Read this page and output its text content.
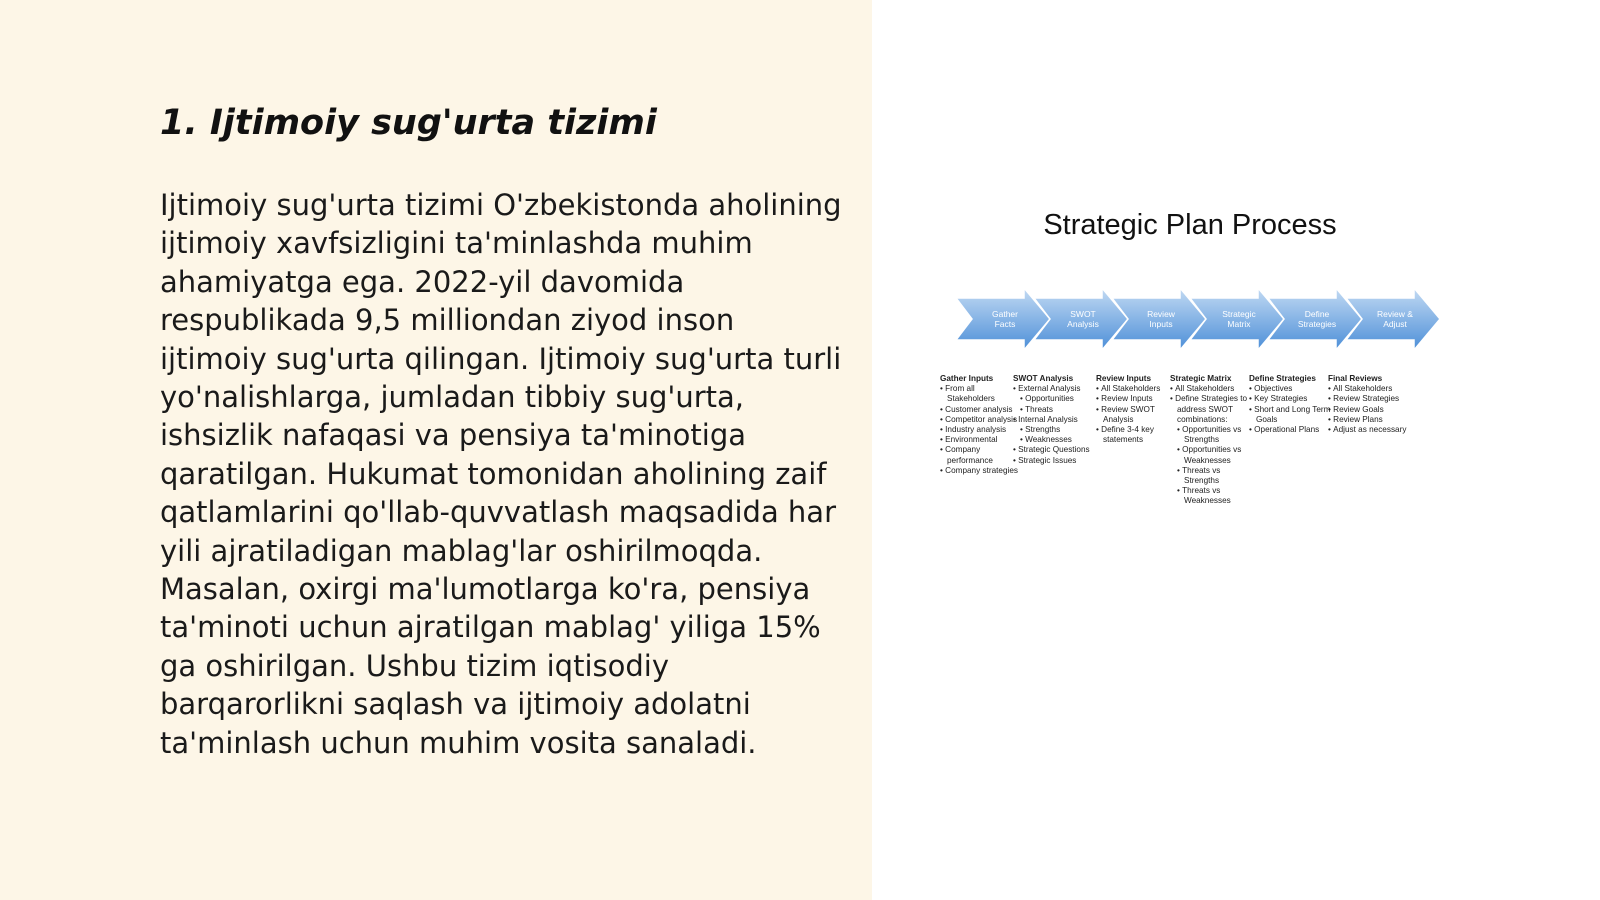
1. Ijtimoiy sug'urta tizimi

Ijtimoiy sug'urta tizimi O'zbekistonda aholining ijtimoiy xavfsizligini ta'minlashda muhim ahamiyatga ega. 2022-yil davomida respublikada 9,5 milliondan ziyod inson ijtimoiy sug'urta qilingan. Ijtimoiy sug'urta turli yo'nalishlarga, jumladan tibbiy sug'urta, ishsizlik nafaqasi va pensiya ta'minotiga qaratilgan. Hukumat tomonidan aholining zaif qatlamlarini qo'llab-quvvatlash maqsadida har yili ajratiladigan mablag'lar oshirilmoqda. Masalan, oxirgi ma'lumotlarga ko'ra, pensiya ta'minoti uchun ajratilgan mablag' yiliga 15% ga oshirilgan. Ushbu tizim iqtisodiy barqarorlikni saqlash va ijtimoiy adolatni ta'minlash uchun muhim vosita sanaladi.

Strategic Plan Process
Gather
Facts
SWOT
Analysis
Review
Inputs
Strategic
Matrix
Define
Strategies
Review &
Adjust
Gather Inputs
• From all Stakeholders
• Customer analysis
• Competitor analysis
• Industry analysis
• Environmental
• Company performance
• Company strategies
SWOT Analysis
• External Analysis
• Opportunities
• Threats
• Internal Analysis
• Strengths
• Weaknesses
• Strategic Questions
• Strategic Issues
Review Inputs
• All Stakeholders
• Review Inputs
• Review SWOT Analysis
• Define 3-4 key statements
Strategic Matrix
• All Stakeholders
• Define Strategies to address SWOT combinations:
• Opportunities vs Strengths
• Opportunities vs Weaknesses
• Threats vs Strengths
• Threats vs Weaknesses
Define Strategies
• Objectives
• Key Strategies
• Short and Long Term Goals
• Operational Plans
Final Reviews
• All Stakeholders
• Review Strategies
• Review Goals
• Review Plans
• Adjust as necessary
